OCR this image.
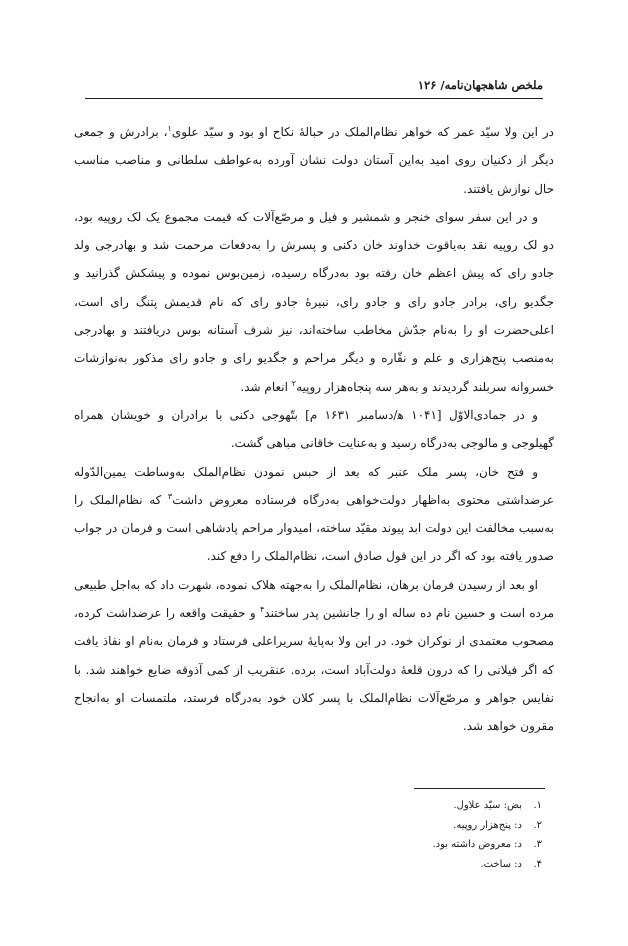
ملخص شاهجهان‌نامه/ ۱۲۶

در این ولا سیّد عمر که خواهر نظام‌الملک در حبالهٔ نکاح او بود و سیّد علوی$^۱$، برادرش و جمعی دیگر از دکنیان روی امید به‌این آستان دولت نشان آورده به‌عواطف سلطانی و مناصب مناسب حال نوازش یافتند.

و در این سفر سوای خنجر و شمشیر و فیل و مرصّع‌آلات که قیمت مجموع یک لک روپیه بود، دو لک روپیه نقد به‌یاقوت خداوند خان دکنی و پسرش را به‌دفعات مرحمت شد و بهادرجی ولد جادو رای که پیش اعظم خان رفته بود به‌درگاه رسیده، زمین‌بوس نموده و پیشکش گذرانید و جگدیو رای، برادر جادو رای و جادو رای، نبیرهٔ جادو رای که نام قدیمش پتنگ رای است، اعلی‌حضرت او را به‌نام جدّش مخاطب ساخته‌اند، نیز شرف آستانه بوس دریافتند و بهادرجی به‌منصب پنج‌هزاری و علم و نقّاره و دیگر مراحم و جگدیو رای و جادو رای مذکور به‌نوازشات خسروانه سربلند گردیدند و به‌هر سه پنجاه‌هزار روپیه$^۲$ انعام شد.

و در جمادی‌الاوّل [۱۰۴۱ ه‍/دسامبر ۱۶۳۱ م] بتّهوجی دکنی با برادران و خویشان همراه گهیلوجی و مالوجی به‌درگاه رسید و به‌عنایت خاقانی مباهی گشت.

و فتح خان، پسر ملک عنبر که بعد از حبس نمودن نظام‌الملک به‌وساطت یمین‌الدّوله عرضداشتی محتوی به‌اظهار دولت‌خواهی به‌درگاه فرستاده معروض داشت$^۳$ که نظام‌الملک را به‌سبب مخالفت این دولت ابد پیوند مقیّد ساخته، امیدوار مراحم پادشاهی است و فرمان در جواب صدور یافته بود که اگر در این قول صادق است، نظام‌الملک را دفع کند.

او بعد از رسیدن فرمان برهان، نظام‌الملک را به‌جهته هلاک نموده، شهرت داد که به‌اجل طبیعی مرده است و حسین نام ده ساله او را جانشین پدر ساختند$^۴$ و حقیقت واقعه را عرضداشت کرده، مصحوب معتمدی از نوکران خود. در این ولا به‌پایهٔ سریراعلی فرستاد و فرمان به‌نام او نفاذ یافت که اگر فیلانی را که درون قلعهٔ دولت‌آباد است، برده. عنقریب از کمی آذوقه ضایع خواهند شد. با نفایس جواهر و مرصّع‌آلات نظام‌الملک با پسر کلان خود به‌درگاه فرستد، ملتمسات او به‌انجاح مقرون خواهد شد.

۱.بض: سیّد علاول.
۲.د: پنج‌هزار روپیه.
۳.د: معروض داشته بود.
۴.د: ساخت.
